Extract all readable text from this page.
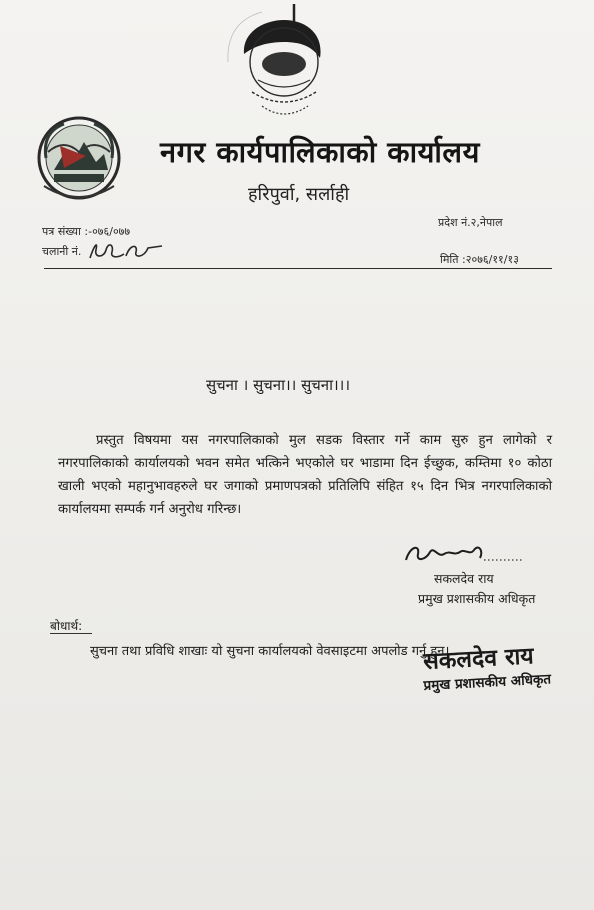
नगर कार्यपालिकाको कार्यालय
हरिपुर्वा, सर्लाही
पत्र संख्या :-०७६/०७७
चलानी नं.
प्रदेश नं.२,नेपाल
मिति :२०७६/११/१३
सुचना । सुचना।। सुचना।।।
प्रस्तुत विषयमा यस नगरपालिकाको मुल सडक विस्तार गर्ने काम सुरु हुन लागेको र नगरपालिकाको कार्यालयको भवन समेत भत्किने भएकोले घर भाडामा दिन ईच्छुक, कम्तिमा १० कोठा खाली भएको महानुभावहरुले घर जगाको प्रमाणपत्रको प्रतिलिपि संहित १५ दिन भित्र नगरपालिकाको कार्यालयमा सम्पर्क गर्न अनुरोध गरिन्छ।
सकलदेव राय
प्रमुख प्रशासकीय अधिकृत
बोधार्थ:
सुचना तथा प्रविधि शाखाः यो सुचना कार्यालयको वेवसाइटमा अपलोड गर्नु हुन।
सकलदेव राय
प्रमुख प्रशासकीय अधिकृत
